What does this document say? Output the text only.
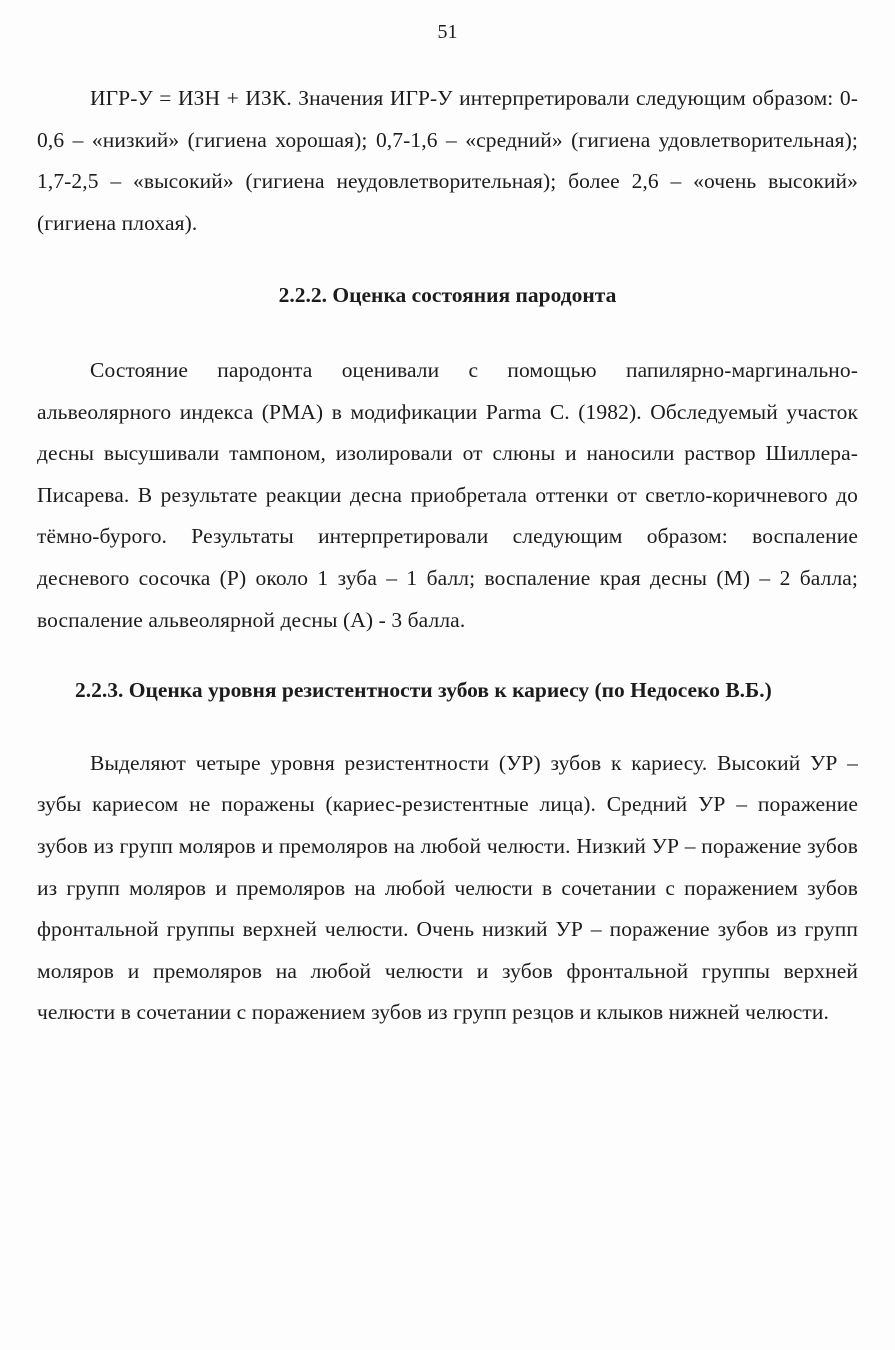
51

ИГР-У = ИЗН + ИЗК. Значения ИГР-У интерпретировали следующим образом: 0-0,6 – «низкий» (гигиена хорошая); 0,7-1,6 – «средний» (гигиена удовлетворительная); 1,7-2,5 – «высокий» (гигиена неудовлетворительная); более 2,6 – «очень высокий» (гигиена плохая).

2.2.2. Оценка состояния пародонта

Состояние пародонта оценивали с помощью папилярно-маргинально-альвеолярного индекса (РМА) в модификации Parma C. (1982). Обследуемый участок десны высушивали тампоном, изолировали от слюны и наносили раствор Шиллера-Писарева. В результате реакции десна приобретала оттенки от светло-коричневого до тёмно-бурого. Результаты интерпретировали следующим образом: воспаление десневого сосочка (P) около 1 зуба – 1 балл; воспаление края десны (M) – 2 балла; воспаление альвеолярной десны (A) - 3 балла.

2.2.3. Оценка уровня резистентности зубов к кариесу (по Недосеко В.Б.)

Выделяют четыре уровня резистентности (УР) зубов к кариесу. Высокий УР – зубы кариесом не поражены (кариес-резистентные лица). Средний УР – поражение зубов из групп моляров и премоляров на любой челюсти. Низкий УР – поражение зубов из групп моляров и премоляров на любой челюсти в сочетании с поражением зубов фронтальной группы верхней челюсти. Очень низкий УР – поражение зубов из групп моляров и премоляров на любой челюсти и зубов фронтальной группы верхней челюсти в сочетании с поражением зубов из групп резцов и клыков нижней челюсти.
